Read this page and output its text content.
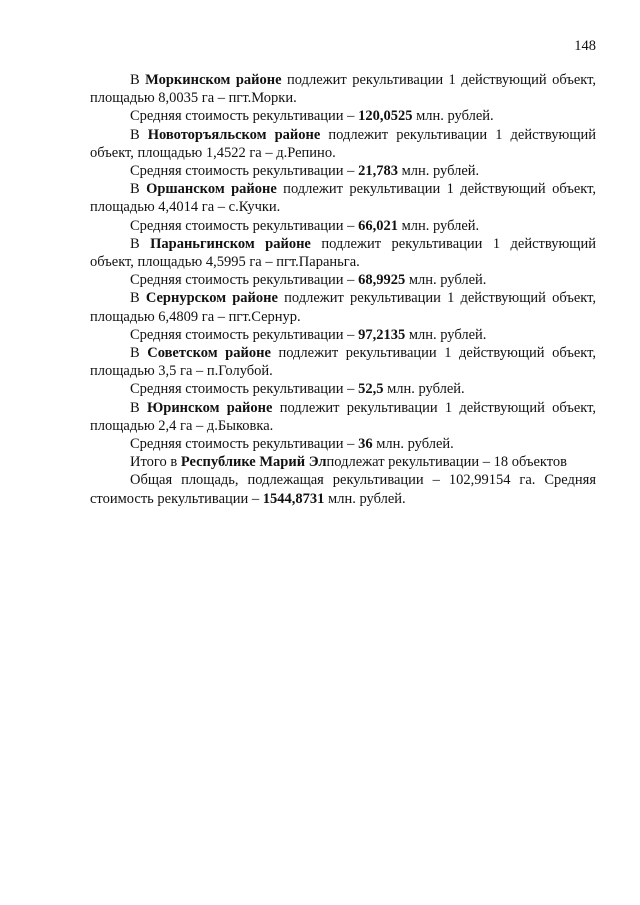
148

В Моркинском районе подлежит рекультивации 1 действующий объект, площадью 8,0035 га – пгт.Морки.

Средняя стоимость рекультивации – 120,0525 млн. рублей.

В Новоторъяльском районе подлежит рекультивации 1 действующий объект, площадью 1,4522 га – д.Репино.

Средняя стоимость рекультивации – 21,783 млн. рублей.

В Оршанском районе подлежит рекультивации 1 действующий объект, площадью 4,4014 га – с.Кучки.

Средняя стоимость рекультивации – 66,021 млн. рублей.

В Параньгинском районе подлежит рекультивации 1 действующий объект, площадью 4,5995 га – пгт.Параньга.

Средняя стоимость рекультивации – 68,9925 млн. рублей.

В Сернурском районе подлежит рекультивации 1 действующий объект, площадью 6,4809 га – пгт.Сернур.

Средняя стоимость рекультивации – 97,2135 млн. рублей.

В Советском районе подлежит рекультивации 1 действующий объект, площадью 3,5 га – п.Голубой.

Средняя стоимость рекультивации – 52,5 млн. рублей.

В Юринском районе подлежит рекультивации 1 действующий объект, площадью 2,4 га – д.Быковка.

Средняя стоимость рекультивации – 36 млн. рублей.

Итого в Республике Марий Элподлежат рекультивации – 18 объектов

Общая площадь, подлежащая рекультивации – 102,99154 га. Средняя стоимость рекультивации – 1544,8731 млн. рублей.
